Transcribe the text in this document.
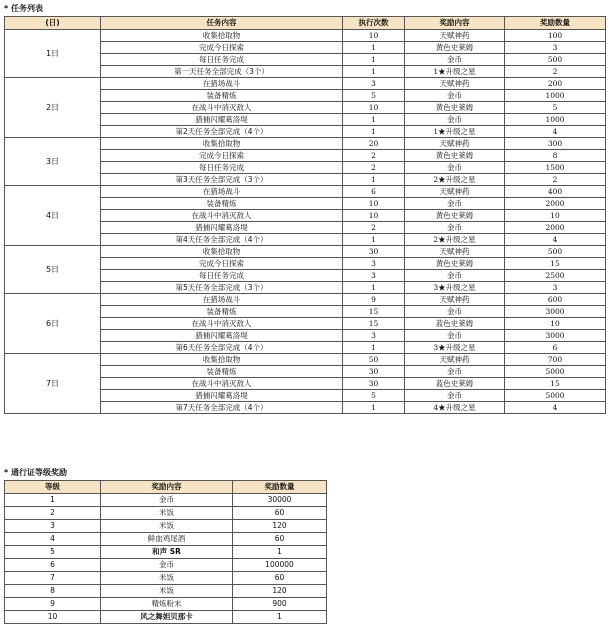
* 任务列表
(日)	任务内容	执行次数	奖励内容	奖励数量
1日	收集拾取物	10	天赋神药	100
	完成今日探索	1	黄色史莱姆	3
	每日任务完成	1	金币	500
	第一天任务全部完成（3个）	1	1★升级之星	2
2日	在猎场战斗	3	天赋神药	200
	装备精炼	5	金币	1000
	在战斗中消灭敌人	10	黄色史莱姆	5
	猎捕闪耀葛洛堤	1	金币	1000
	第2天任务全部完成（4个）	1	1★升级之星	4
3日	收集拾取物	20	天赋神药	300
	完成今日探索	2	黄色史莱姆	8
	每日任务完成	2	金币	1500
	第3天任务全部完成（3个）	1	2★升级之星	2
4日	在猎场战斗	6	天赋神药	400
	装备精炼	10	金币	2000
	在战斗中消灭敌人	10	黄色史莱姆	10
	猎捕闪耀葛洛堤	2	金币	2000
	第4天任务全部完成（4个）	1	2★升级之星	4
5日	收集拾取物	30	天赋神药	500
	完成今日探索	3	黄色史莱姆	15
	每日任务完成	3	金币	2500
	第5天任务全部完成（3个）	1	3★升级之星	3
6日	在猎场战斗	9	天赋神药	600
	装备精炼	15	金币	3000
	在战斗中消灭敌人	15	蓝色史莱姆	10
	猎捕闪耀葛洛堤	3	金币	3000
	第6天任务全部完成（4个）	1	3★升级之星	6
7日	收集拾取物	50	天赋神药	700
	装备精炼	30	金币	5000
	在战斗中消灭敌人	30	蓝色史莱姆	15
	猎捕闪耀葛洛堤	5	金币	5000
	第7天任务全部完成（4个）	1	4★升级之星	4
* 通行证等级奖励
等级	奖励内容	奖励数量
1	金币	30000
2	米饭	60
3	米饭	120
4	鲜血鸡尾酒	60
5	和声 SR	1
6	金币	100000
7	米饭	60
8	米饭	120
9	精炼粉末	900
10	风之舞妲贝那卡	1
